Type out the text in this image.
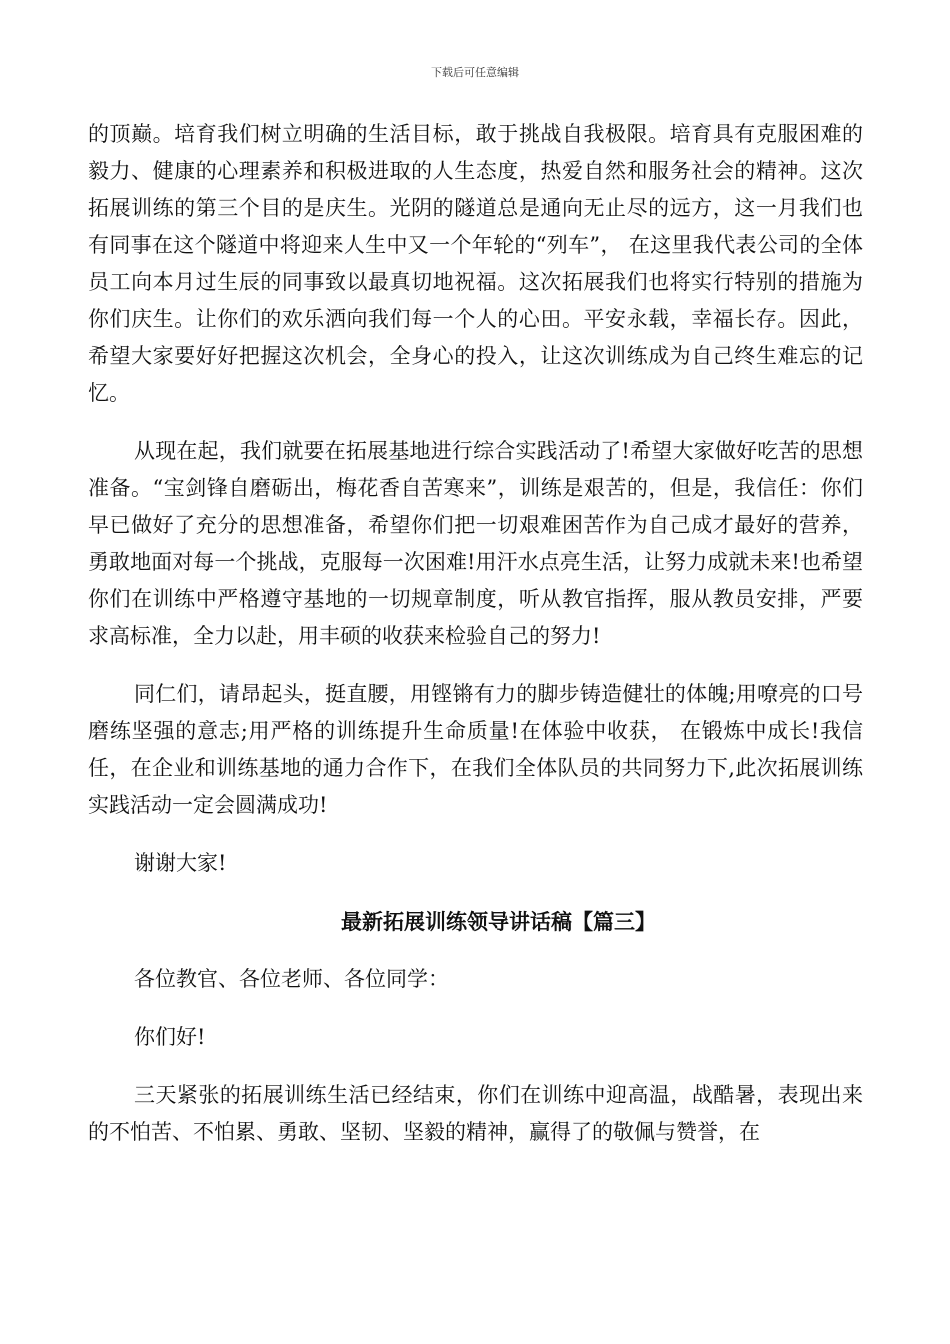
下载后可任意编辑

的顶巅。培育我们树立明确的生活目标，敢于挑战自我极限。培育具有克服困难的毅力、健康的心理素养和积极进取的人生态度，热爱自然和服务社会的精神。这次拓展训练的第三个目的是庆生。光阴的隧道总是通向无止尽的远方，这一月我们也有同事在这个隧道中将迎来人生中又一个年轮的“列车”， 在这里我代表公司的全体员工向本月过生辰的同事致以最真切地祝福。这次拓展我们也将实行特别的措施为你们庆生。让你们的欢乐洒向我们每一个人的心田。平安永载，幸福长存。因此，希望大家要好好把握这次机会，全身心的投入，让这次训练成为自己终生难忘的记忆。

从现在起，我们就要在拓展基地进行综合实践活动了!希望大家做好吃苦的思想准备。“宝剑锋自磨砺出，梅花香自苦寒来”，训练是艰苦的，但是，我信任：你们早已做好了充分的思想准备，希望你们把一切艰难困苦作为自己成才最好的营养，勇敢地面对每一个挑战，克服每一次困难!用汗水点亮生活，让努力成就未来!也希望你们在训练中严格遵守基地的一切规章制度，听从教官指挥，服从教员安排，严要求高标准，全力以赴，用丰硕的收获来检验自己的努力!

同仁们，请昂起头，挺直腰，用铿锵有力的脚步铸造健壮的体魄;用嘹亮的口号磨练坚强的意志;用严格的训练提升生命质量!在体验中收获， 在锻炼中成长!我信任，在企业和训练基地的通力合作下，在我们全体队员的共同努力下,此次拓展训练实践活动一定会圆满成功!

谢谢大家!

最新拓展训练领导讲话稿【篇三】

各位教官、各位老师、各位同学：

你们好!

三天紧张的拓展训练生活已经结束，你们在训练中迎高温，战酷暑，表现出来的不怕苦、不怕累、勇敢、坚韧、坚毅的精神，赢得了的敬佩与赞誉，在
